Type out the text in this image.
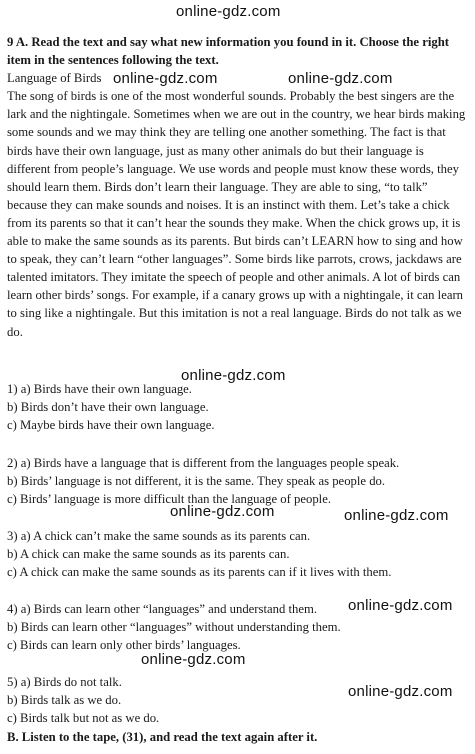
online-gdz.com
online-gdz.com	online-gdz.com
online-gdz.com
online-gdz.com	online-gdz.com
online-gdz.com
online-gdz.com
online-gdz.com
9 A. Read the text and say what new information you found in it. Choose the right item in the sentences following the text.
Language of Birds
The song of birds is one of the most wonderful sounds. Probably the best singers are the lark and the nightingale. Sometimes when we are out in the country, we hear birds making some sounds and we may think they are telling one another something. The fact is that birds have their own language, just as many other animals do but their language is different from people’s language. We use words and people must know these words, they should learn them. Birds don’t learn their language. They are able to sing, “to talk” because they can make sounds and noises. It is an instinct with them. Let’s take a chick from its parents so that it can’t hear the sounds they make. When the chick grows up, it is able to make the same sounds as its parents. But birds can’t LEARN how to sing and how to speak, they can’t learn “other languages”. Some birds like parrots, crows, jackdaws are talented imitators. They imitate the speech of people and other animals. A lot of birds can learn other birds’ songs. For example, if a canary grows up with a nightingale, it can learn to sing like a nightingale. But this imitation is not a real language. Birds do not talk as we do.
1) a) Birds have their own language.
b) Birds don’t have their own language.
c) Maybe birds have their own language.
2) a) Birds have a language that is different from the languages people speak.
b) Birds’ language is not different, it is the same. They speak as people do.
c) Birds’ language is more difficult than the language of people.
3) a) A chick can’t make the same sounds as its parents can.
b) A chick can make the same sounds as its parents can.
c) A chick can make the same sounds as its parents can if it lives with them.
4) a) Birds can learn other “languages” and understand them.
b) Birds can learn other “languages” without understanding them.
c) Birds can learn only other birds’ languages.
5) a) Birds do not talk.
b) Birds talk as we do.
c) Birds talk but not as we do.
B. Listen to the tape, (31), and read the text again after it.
